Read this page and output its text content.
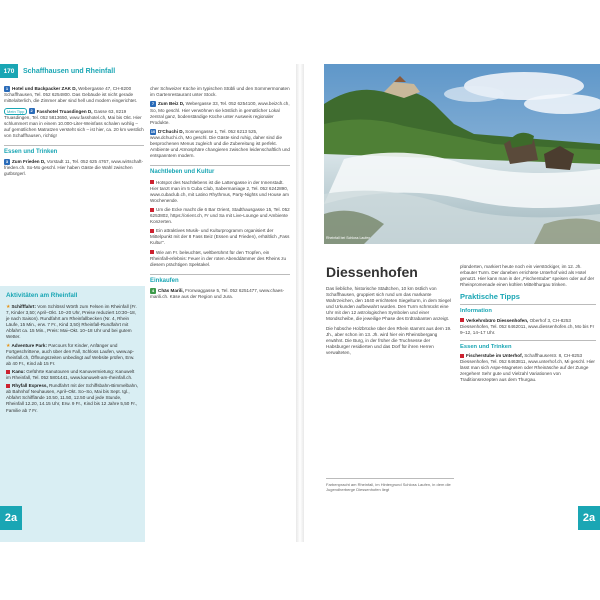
170	Schaffhausen und Rheinfall

1 Hotel und Backpacker ZAK D, Webergasse 47, CH-8200 Schaffhausen, Tel. 052 6254800. Das Gebäude ist nicht gerade mittelalterlich, die Zimmer aber sind hell und modern eingerichtet.

Mein Tipp 2 Fasshotel Truasdingen D, Gasse 63, 8219 Truasdingen, Tel. 052 5813650, www.fasshotel.ch, Mai bis Okt. Hier schlummert man in einem 10.000-Liter-Weinfass schalen wohlig – auf gemütlichen Matratzen versteht sich – ist hier, ca. 20 km westlich von Schaffhausen, richtig!

Essen und Trinken

3 Zum Frieden D, Vorstadt 11, Tel. 052 625 4767, www.wirtschaft-frieden.ch. So-Mo geschl. Hier haben Gäste die Wahl zwischen gutbürgerl.

cher Schweizer Küche im typischen Stübli und den Sommermonaten im Gartenrestaurant unter Stock.

7 Zum Beiz D, Webergasse 33, Tel. 052 6254100, www.beizch.ch, So, Mo geschl. Hier verwöhnen sie köstlich in gemütlicher Lokal zentral ganz, bodenständige Küche unter Ausweis regionaler Produkte.

10 D'Chuchi D, Sonnengasse 1, Tel. 052 6213 525, www.dchuchi.ch, Mo geschl. Die Gäste sind ruhig, daher sind die besprochenen Menus zugleich und die Zubereitung ist perfekt. Ambiente und Atmosphäre changieren zwischen leidenschaftlich und entspanntem modern.

Nachtleben und Kultur

Hotspot des Nachtlebens ist die Lattengasse in der Innenstadt. Hier tanzt man im 5 Cuba Club, Sabermaniage 2, Tel. 052 6242890, www.cubaclub.ch, mit Latino Rhythmus, Party-Nights und House am Wochenende.

Um die Ecke macht die 6 Bar Orient, Stadthausgasse 15, Tel. 052 6253802, https://orient.ch, Fr und Sa mit Live-Lounge und Ambiente Konzerten.

Ein attraktives Musik- und Kulturprogramm organisiert der Mittelpunkt mit der 8 Fass Beiz (Essen und Frieden), erhältlich „Fass Kultur".

Wie am Fr. beleuchtet, weltberühmt für den Tropfen, ein Rheinfall-erlebnis: Feuer in der roten Abenddämmer des Rheins zu diesem prächtigen Spektakel.

Einkaufen

4 Chäs Marili, Fronwaggasse 5, Tel. 052 6251477, www.chaes-marili.ch. Käse aus der Region und Jura.

Aktivitäten am Rheinfall

★Schifffahrt: Vom Schlössl Wörth zum Felsen im Rheinfall (Fr. 7, Kinder 3,50; April–Okt. 10–20 Uhr, Preise reduziert 10:30–18, je nach Saison). Rundfahrt am Rheinfallbecken (Nr. 4, Rhein Läufe, 15 Min., erw. 7 Fr., Kind 3,50) Rheinfall-Rundfahrt mit Abfahrt ca. 15 Min., Preis: Mai–Okt. 10–18 Uhr und bei gutem Wetter.

★Adventure Park: Parcours für Kinder, Anfänger und Fortgeschrittene, auch über den Fall, Schloss Laufen, www.ap-rheinfall.ch, Öffnungszeiten unbedingt auf Website prüfen, Erw. ab 40 Fr., Kind ab 15 Fr.

Kanu: Geführte Kanutouren und Kanuvermietung: Kanuwelt im Rheinfall, Tel. 052 5801441, www.kanuwelt-am-rheinfall.ch.

Rhyfall Express, Rundfahrt mit der Schiffsbahn-Bimmelbahn, ab Bahnhof Neuhausen, April–Okt. So–So, Mai bis Sept. tgl., Abfahrt Schifflände 10.50, 11.50, 12.50 und jede Stunde, Rheinfall 12.20, 14.15 Uhr, Erw. 9 Fr., Kind bis 12 Jahre 5,50 Fr., Familie ab 7 Fr.

2a
Rheinfall bei Schloss Laufen
Diessenhofen

Das liebliche, historische Städtchen, 10 km östlich von Schaffhausen, gruppiert sich rund um das markante Wahrzeichen, den 1640 errichteten Siegelturm, in dem Siegel und Urkunden aufbewahrt wurden. Den Turm schmückt eine Uhr mit den 12 astrologischen Symbolen und einer Mondscheibe, die jeweilige Phase des Erdtrabanten anzeigt.

Die hübsche Holzbrücke über den Rhein stammt aus dem 19. Jh., aber schon im 13. Jh. wird hier ein Rheinübergang erwähnt. Die Burg, in der früher die Truchsesse der Habsburger residierten und das Dorf für ihren Herren verwalteten,

Farbenpracht am Rheinfall, im Hintergrund Schloss Laufen, in dem die Jugendherberge Diessenhofen liegt

plünderten, markiert heute noch ein vierstöckiger, im 12. Jh. erbauter Turm. Der daneben errichtete Unterhof wird als Hotel genutzt. Hier kann man in der „Fischerstube" speisen oder auf der Rheinpromenade einen kühlen Mittelthurgau trinken.

Praktische Tipps
Information

Verkehrsbüro Diessenhofen, Oberhof 3, CH-8253 Diessenhofen, Tel. 052 6462011, www.diessenhofen.ch, Mo bis Fr 9–12, 14–17 Uhr.

Essen und Trinken

Fischerstube im Unterhof, Schaffhauserstr. 8, CH-8253 Diessenhofen, Tel. 052 6463811, www.unterhof.ch, Mi geschl. Hier lässt man sich Aspe-Magneten oder Rheinäsche auf der Zunge zergehen! Sehr gute und Vielzahl Variationen von Traditionsrezepten aus dem Thurgau.

2a
